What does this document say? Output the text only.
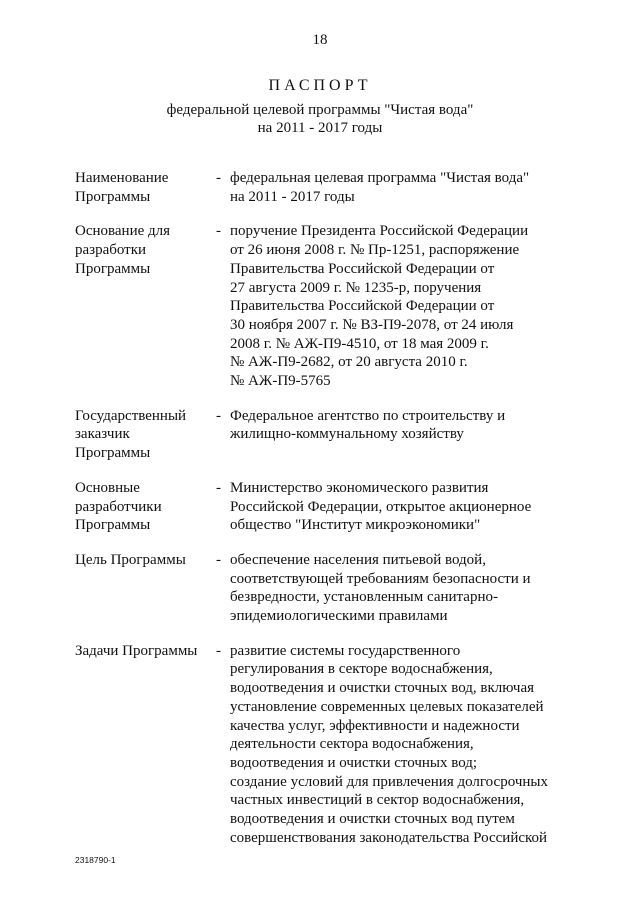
18
ПАСПОРТ
федеральной целевой программы "Чистая вода"
на 2011 - 2017 годы
Наименование
Программы
- федеральная целевая программа "Чистая вода"
на 2011 - 2017 годы
Основание для
разработки
Программы
- поручение Президента Российской Федерации
от 26 июня 2008 г. № Пр-1251, распоряжение
Правительства Российской Федерации от
27 августа 2009 г. № 1235-р, поручения
Правительства Российской Федерации от
30 ноября 2007 г. № ВЗ-П9-2078, от 24 июля
2008 г. № АЖ-П9-4510, от 18 мая 2009 г.
№ АЖ-П9-2682, от 20 августа 2010 г.
№ АЖ-П9-5765
Государственный
заказчик
Программы
- Федеральное агентство по строительству и
жилищно-коммунальному хозяйству
Основные
разработчики
Программы
- Министерство экономического развития
Российской Федерации, открытое акционерное
общество "Институт микроэкономики"
Цель Программы	- обеспечение населения питьевой водой,
соответствующей требованиям безопасности и
безвредности, установленным санитарно-
эпидемиологическими правилами
Задачи Программы	- развитие системы государственного
регулирования в секторе водоснабжения,
водоотведения и очистки сточных вод, включая
установление современных целевых показателей
качества услуг, эффективности и надежности
деятельности сектора водоснабжения,
водоотведения и очистки сточных вод;
создание условий для привлечения долгосрочных
частных инвестиций в сектор водоснабжения,
водоотведения и очистки сточных вод путем
совершенствования законодательства Российской
2318790-1
